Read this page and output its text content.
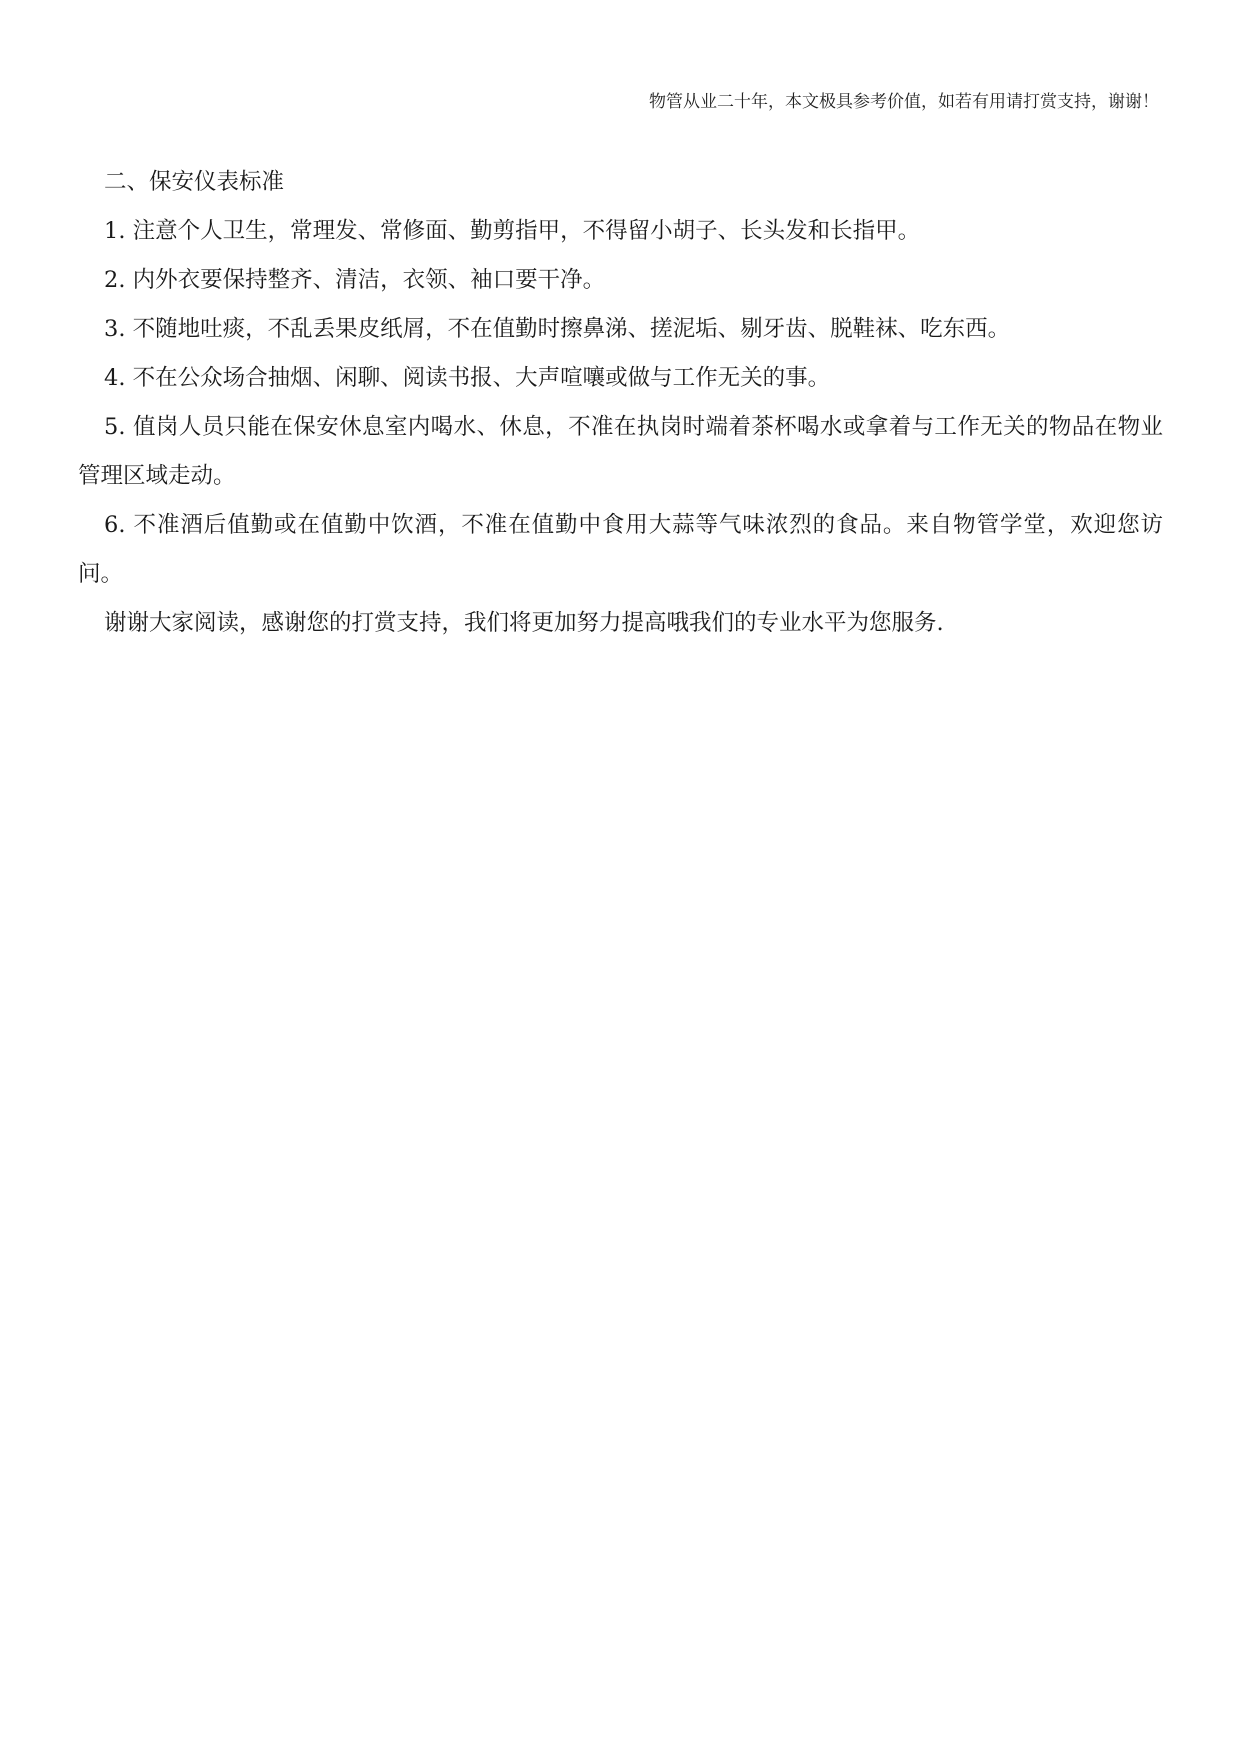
物管从业二十年，本文极具参考价值，如若有用请打赏支持，谢谢！

二、保安仪表标准

1. 注意个人卫生，常理发、常修面、勤剪指甲，不得留小胡子、长头发和长指甲。

2. 内外衣要保持整齐、清洁，衣领、袖口要干净。

3. 不随地吐痰，不乱丢果皮纸屑，不在值勤时擦鼻涕、搓泥垢、剔牙齿、脱鞋袜、吃东西。

4. 不在公众场合抽烟、闲聊、阅读书报、大声喧嚷或做与工作无关的事。

5. 值岗人员只能在保安休息室内喝水、休息，不准在执岗时端着茶杯喝水或拿着与工作无关的物品在物业管理区域走动。

6. 不准酒后值勤或在值勤中饮酒，不准在值勤中食用大蒜等气味浓烈的食品。来自物管学堂，欢迎您访问。

谢谢大家阅读，感谢您的打赏支持，我们将更加努力提高哦我们的专业水平为您服务.
